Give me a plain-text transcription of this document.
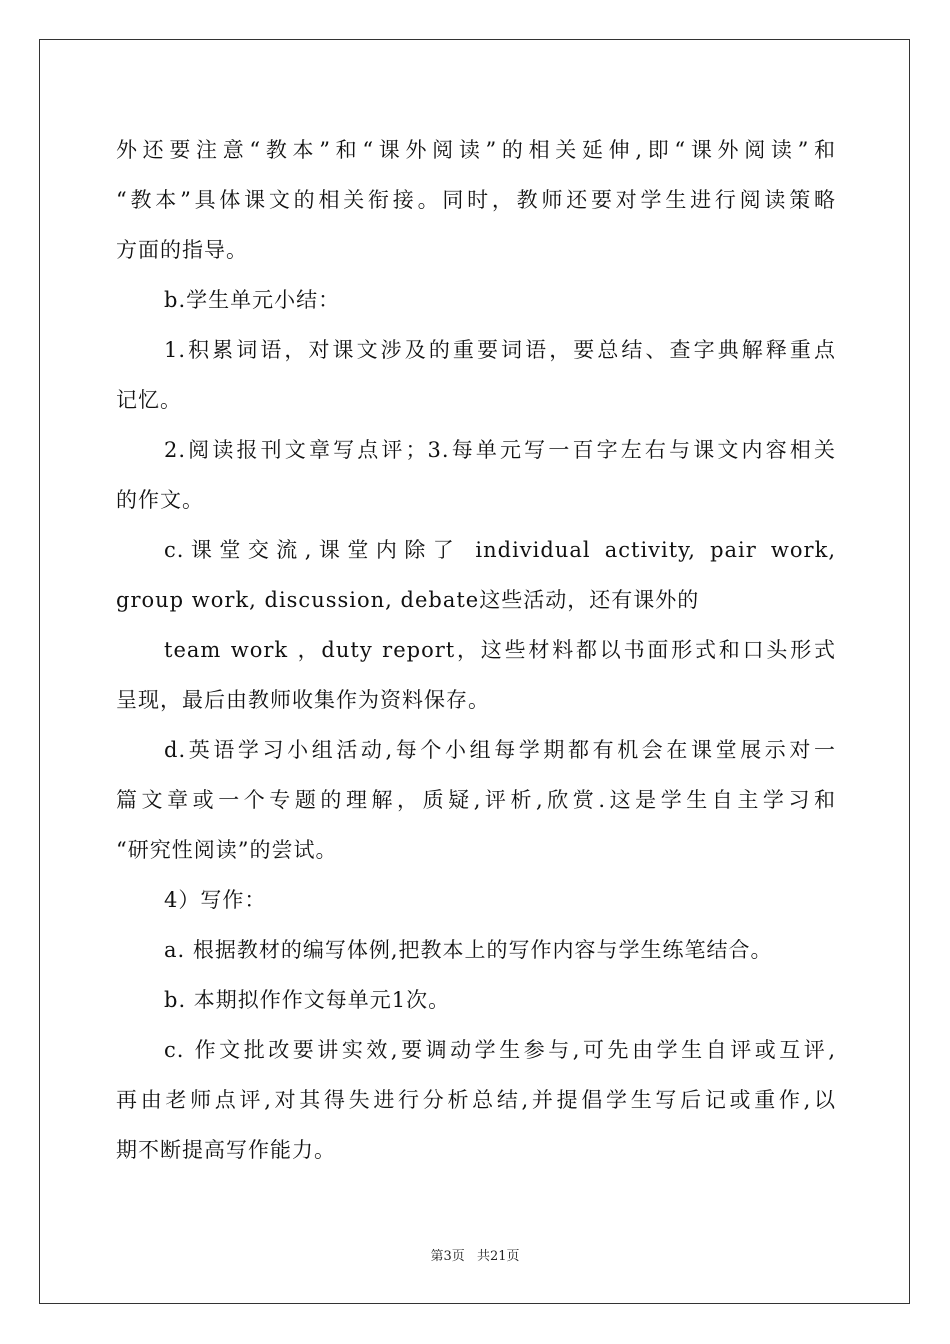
外还要注意“教本”和“课外阅读”的相关延伸,即“课外阅读”和
“教本”具体课文的相关衔接。同时，教师还要对学生进行阅读策略
方面的指导。
b.学生单元小结：
1.积累词语，对课文涉及的重要词语，要总结、查字典解释重点
记忆。
2.阅读报刊文章写点评；3.每单元写一百字左右与课文内容相关
的作文。
c.课堂交流,课堂内除了 individual activity, pair work,
group work, discussion, debate这些活动，还有课外的
team work ，duty report，这些材料都以书面形式和口头形式
呈现，最后由教师收集作为资料保存。
d.英语学习小组活动,每个小组每学期都有机会在课堂展示对一
篇文章或一个专题的理解，质疑,评析,欣赏.这是学生自主学习和
“研究性阅读”的尝试。
4）写作：
a. 根据教材的编写体例,把教本上的写作内容与学生练笔结合。
b. 本期拟作作文每单元1次。
c. 作文批改要讲实效,要调动学生参与,可先由学生自评或互评,
再由老师点评,对其得失进行分析总结,并提倡学生写后记或重作,以
期不断提高写作能力。
第3页 共21页
